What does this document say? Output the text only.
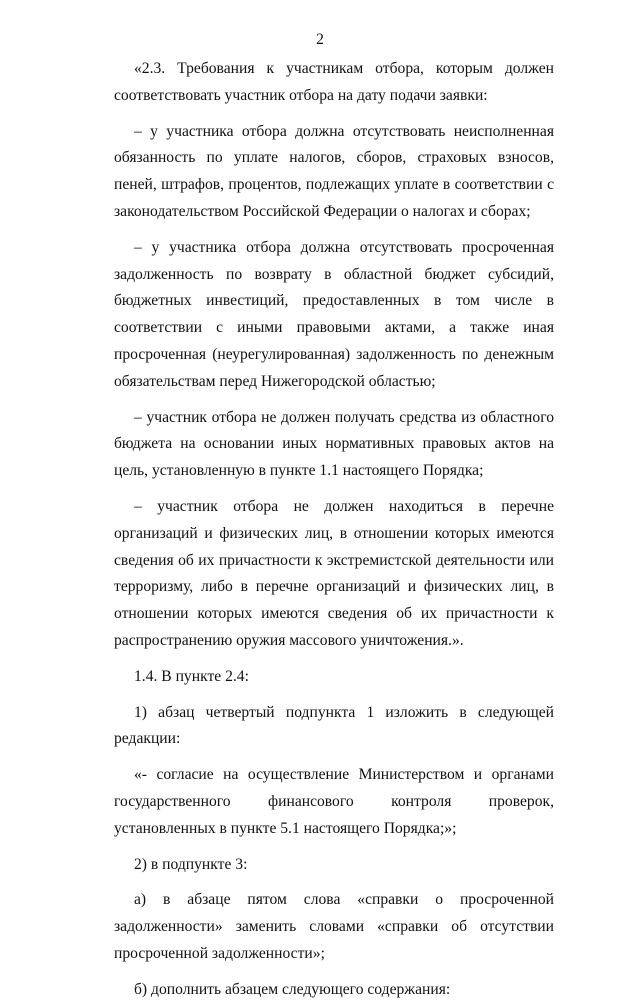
2

«2.3. Требования к участникам отбора, которым должен соответствовать участник отбора на дату подачи заявки:

– у участника отбора должна отсутствовать неисполненная обязанность по уплате налогов, сборов, страховых взносов, пеней, штрафов, процентов, подлежащих уплате в соответствии с законодательством Российской Федерации о налогах и сборах;

– у участника отбора должна отсутствовать просроченная задолженность по возврату в областной бюджет субсидий, бюджетных инвестиций, предоставленных в том числе в соответствии с иными правовыми актами, а также иная просроченная (неурегулированная) задолженность по денежным обязательствам перед Нижегородской областью;

– участник отбора не должен получать средства из областного бюджета на основании иных нормативных правовых актов на цель, установленную в пункте 1.1 настоящего Порядка;

– участник отбора не должен находиться в перечне организаций и физических лиц, в отношении которых имеются сведения об их причастности к экстремистской деятельности или терроризму, либо в перечне организаций и физических лиц, в отношении которых имеются сведения об их причастности к распространению оружия массового уничтожения.».

1.4. В пункте 2.4:

1) абзац четвертый подпункта 1 изложить в следующей редакции:

«- согласие на осуществление Министерством и органами государственного финансового контроля проверок, установленных в пункте 5.1 настоящего Порядка;»;

2) в подпункте 3:

а) в абзаце пятом слова «справки о просроченной задолженности» заменить словами «справки об отсутствии просроченной задолженности»;

б) дополнить абзацем следующего содержания:
